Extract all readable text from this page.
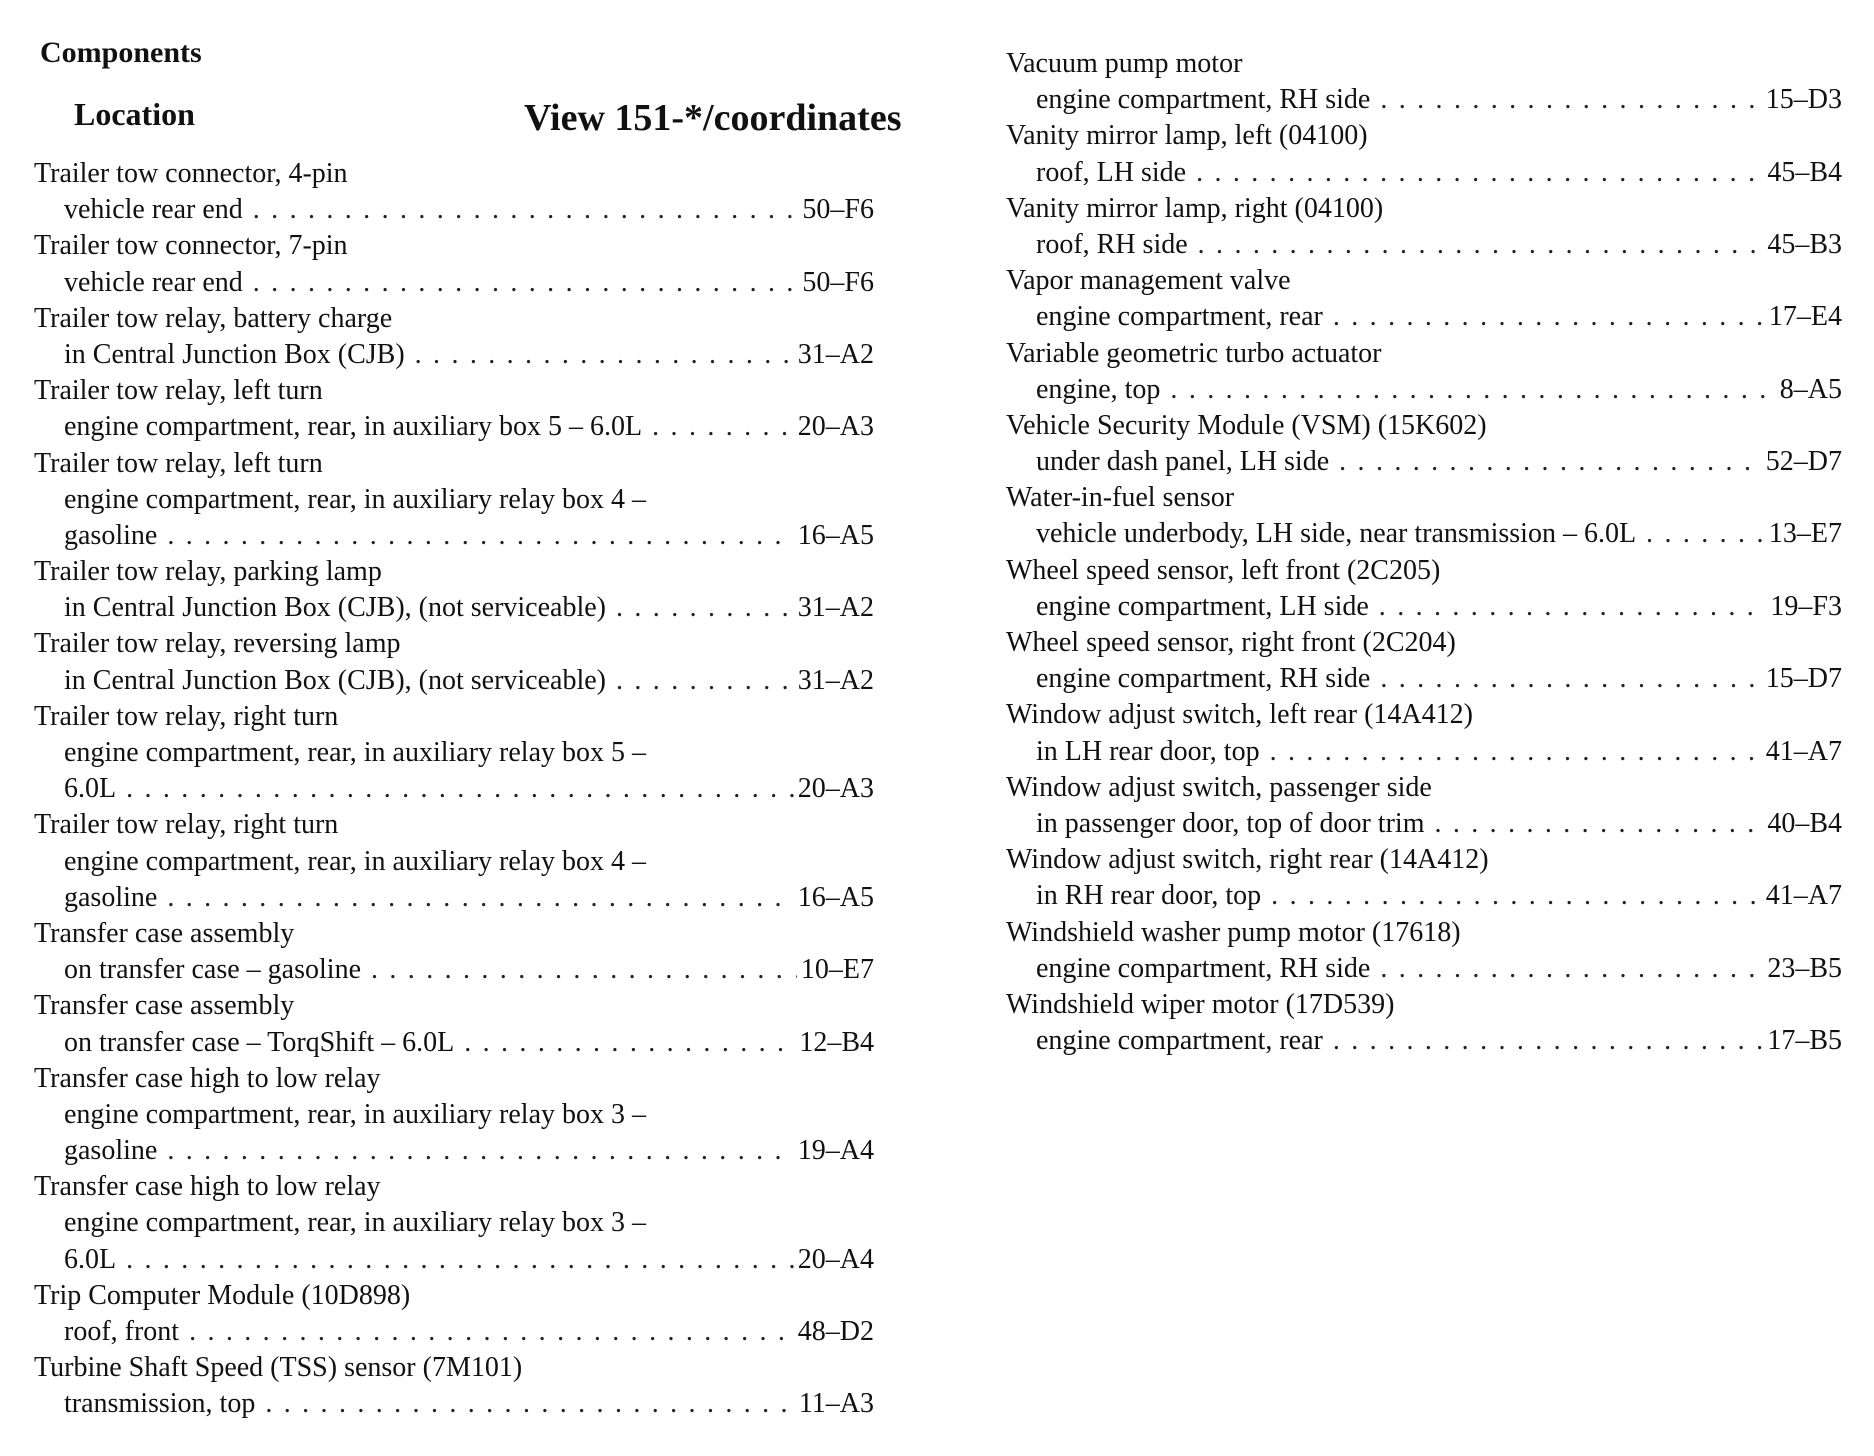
Components
Location	View 151-*/coordinates
Trailer tow connector, 4-pin
vehicle rear end . . .	50–F6
Trailer tow connector, 7-pin
vehicle rear end . . .	50–F6
Trailer tow relay, battery charge
in Central Junction Box (CJB) . . .	31–A2
Trailer tow relay, left turn
engine compartment, rear, in auxiliary box 5 – 6.0L . . .	20–A3
Trailer tow relay, left turn
engine compartment, rear, in auxiliary relay box 4 –
gasoline . . .	16–A5
Trailer tow relay, parking lamp
in Central Junction Box (CJB), (not serviceable) . . .	31–A2
Trailer tow relay, reversing lamp
in Central Junction Box (CJB), (not serviceable) . . .	31–A2
Trailer tow relay, right turn
engine compartment, rear, in auxiliary relay box 5 –
6.0L . . .	20–A3
Trailer tow relay, right turn
engine compartment, rear, in auxiliary relay box 4 –
gasoline . . .	16–A5
Transfer case assembly
on transfer case – gasoline . . .	10–E7
Transfer case assembly
on transfer case – TorqShift – 6.0L . . .	12–B4
Transfer case high to low relay
engine compartment, rear, in auxiliary relay box 3 –
gasoline . . .	19–A4
Transfer case high to low relay
engine compartment, rear, in auxiliary relay box 3 –
6.0L . . .	20–A4
Trip Computer Module (10D898)
roof, front . . .	48–D2
Turbine Shaft Speed (TSS) sensor (7M101)
transmission, top . . .	11–A3
Vacuum pump motor
engine compartment, RH side . . .	15–D3
Vanity mirror lamp, left (04100)
roof, LH side . . .	45–B4
Vanity mirror lamp, right (04100)
roof, RH side . . .	45–B3
Vapor management valve
engine compartment, rear . . .	17–E4
Variable geometric turbo actuator
engine, top . . .	8–A5
Vehicle Security Module (VSM) (15K602)
under dash panel, LH side . . .	52–D7
Water-in-fuel sensor
vehicle underbody, LH side, near transmission – 6.0L . . .	13–E7
Wheel speed sensor, left front (2C205)
engine compartment, LH side . . .	19–F3
Wheel speed sensor, right front (2C204)
engine compartment, RH side . . .	15–D7
Window adjust switch, left rear (14A412)
in LH rear door, top . . .	41–A7
Window adjust switch, passenger side
in passenger door, top of door trim . . .	40–B4
Window adjust switch, right rear (14A412)
in RH rear door, top . . .	41–A7
Windshield washer pump motor (17618)
engine compartment, RH side . . .	23–B5
Windshield wiper motor (17D539)
engine compartment, rear . . .	17–B5
